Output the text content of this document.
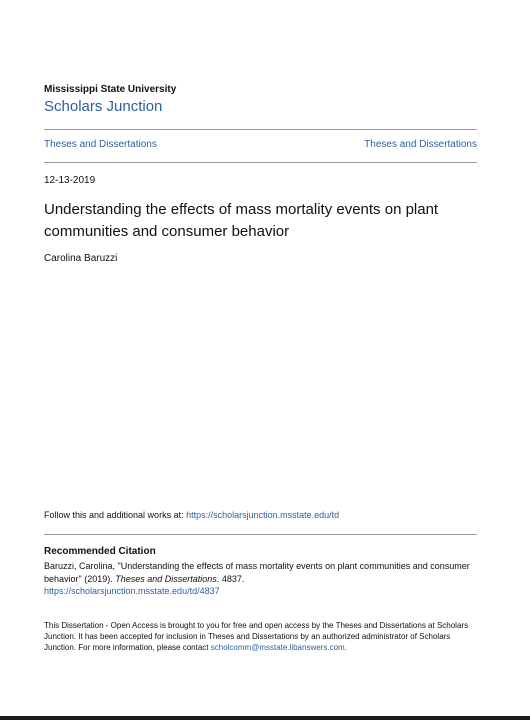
Mississippi State University
Scholars Junction
Theses and Dissertations	Theses and Dissertations
12-13-2019
Understanding the effects of mass mortality events on plant communities and consumer behavior
Carolina Baruzzi
Follow this and additional works at: https://scholarsjunction.msstate.edu/td
Recommended Citation
Baruzzi, Carolina, "Understanding the effects of mass mortality events on plant communities and consumer behavior" (2019). Theses and Dissertations. 4837.
https://scholarsjunction.msstate.edu/td/4837
This Dissertation - Open Access is brought to you for free and open access by the Theses and Dissertations at Scholars Junction. It has been accepted for inclusion in Theses and Dissertations by an authorized administrator of Scholars Junction. For more information, please contact scholcomm@msstate.libanswers.com.
